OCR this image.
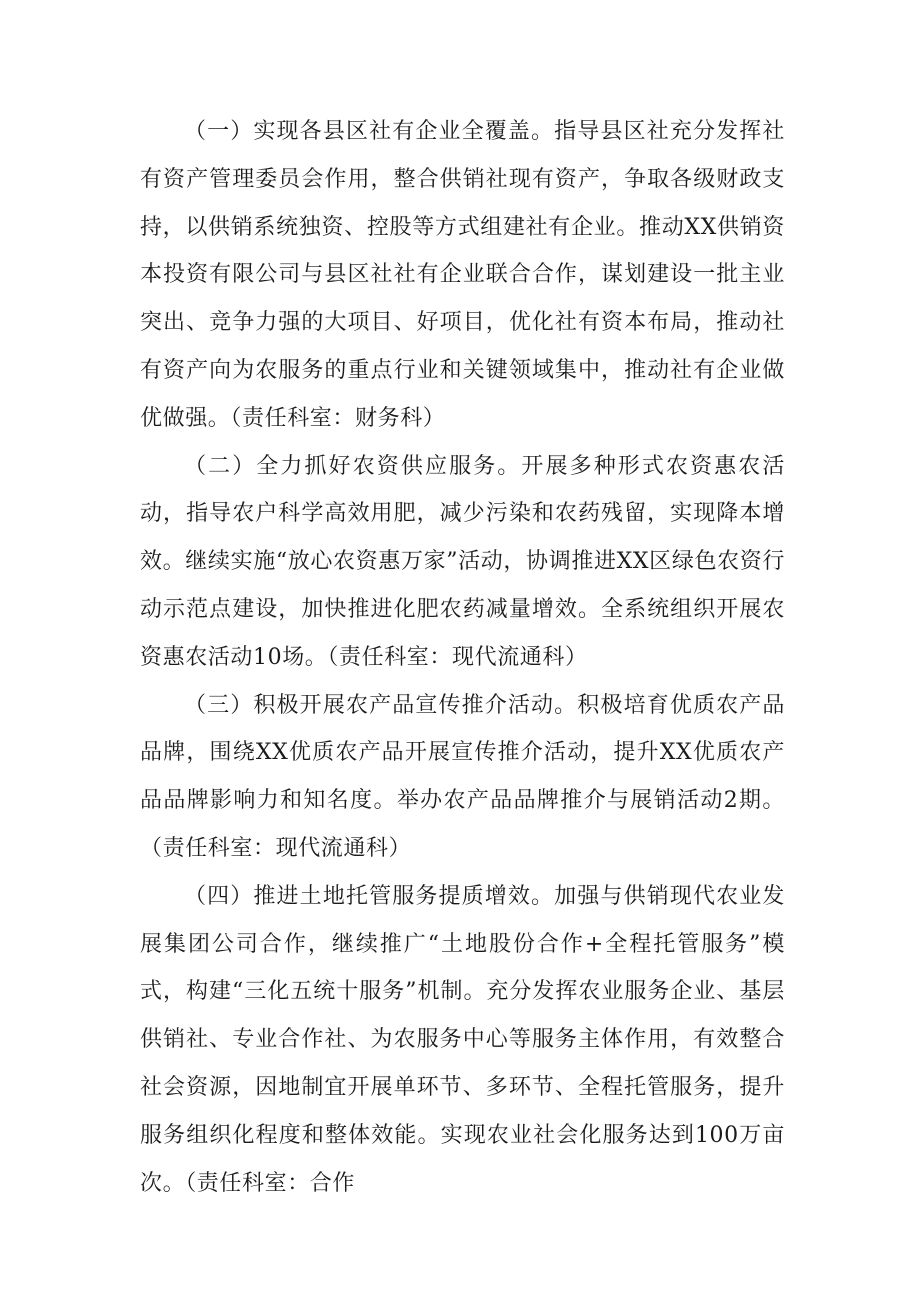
（一）实现各县区社有企业全覆盖。指导县区社充分发挥社有资产管理委员会作用，整合供销社现有资产，争取各级财政支持，以供销系统独资、控股等方式组建社有企业。推动XX供销资本投资有限公司与县区社社有企业联合合作，谋划建设一批主业突出、竞争力强的大项目、好项目，优化社有资本布局，推动社有资产向为农服务的重点行业和关键领域集中，推动社有企业做优做强。（责任科室：财务科）

（二）全力抓好农资供应服务。开展多种形式农资惠农活动，指导农户科学高效用肥，减少污染和农药残留，实现降本增效。继续实施“放心农资惠万家”活动，协调推进XX区绿色农资行动示范点建设，加快推进化肥农药减量增效。全系统组织开展农资惠农活动10场。（责任科室：现代流通科）

（三）积极开展农产品宣传推介活动。积极培育优质农产品品牌，围绕XX优质农产品开展宣传推介活动，提升XX优质农产品品牌影响力和知名度。举办农产品品牌推介与展销活动2期。（责任科室：现代流通科）

（四）推进土地托管服务提质增效。加强与供销现代农业发展集团公司合作，继续推广“土地股份合作+全程托管服务”模式，构建“三化五统十服务”机制。充分发挥农业服务企业、基层供销社、专业合作社、为农服务中心等服务主体作用，有效整合社会资源，因地制宜开展单环节、多环节、全程托管服务，提升服务组织化程度和整体效能。实现农业社会化服务达到100万亩次。（责任科室：合作
